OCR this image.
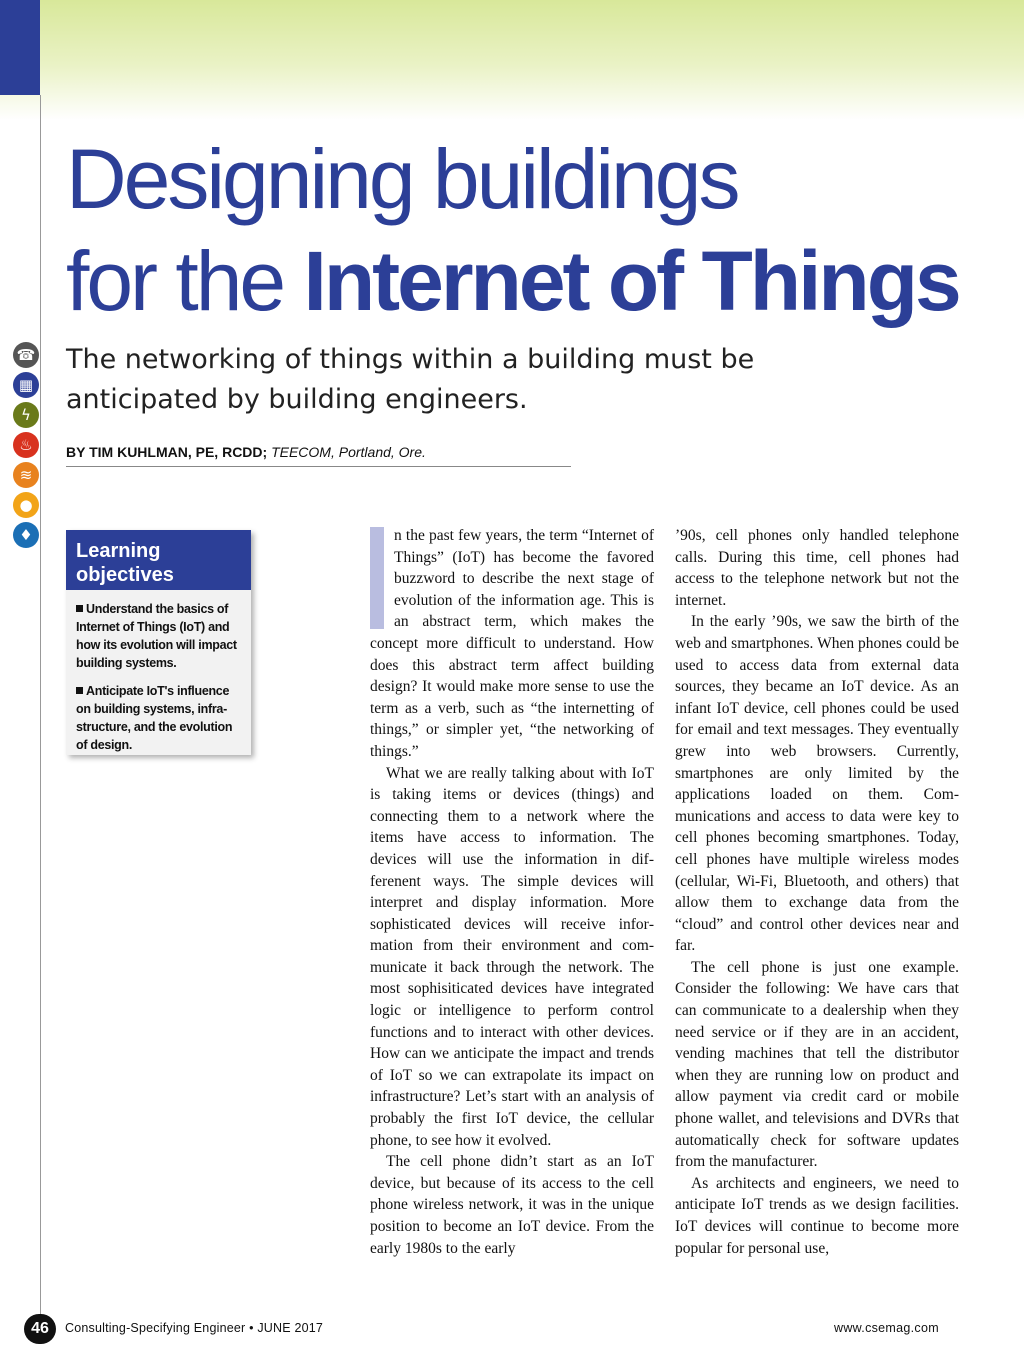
Designing buildings
for the Internet of Things
☎
▦
ϟ
♨
≋
●
♦
The networking of things within a building must be anticipated by building engineers.
BY TIM KUHLMAN, PE, RCDD; TEECOM, Portland, Ore.
Learning
objectives
Understand the basics of Internet of Things (IoT) and how its evolution will impact building systems.
Anticipate IoT's influence on building systems, infrastructure, and the evolution of design.

n the past few years, the term “Internet of Things” (IoT) has become the favored buzzword to describe the next stage of evolution of the information age. This is an abstract term, which makes the concept more difficult to understand. How does this abstract term affect building design? It would make more sense to use the term as a verb, such as “the internetting of things,” or simpler yet, “the networking of things.”

What we are really talking about with IoT is taking items or devices (things) and connecting them to a network where the items have access to information. The devices will use the information in differenent ways. The simple devices will interpret and display information. More sophisticated devices will receive information from their environment and communicate it back through the network. The most sophisiticated devices have integrated logic or intelligence to perform control functions and to interact with other devices. How can we anticipate the impact and trends of IoT so we can extrapolate its impact on infrastructure? Let’s start with an analysis of probably the first IoT device, the cellular phone, to see how it evolved.

The cell phone didn’t start as an IoT device, but because of its access to the cell phone wireless network, it was in the unique position to become an IoT device. From the early 1980s to the early

’90s, cell phones only handled telephone calls. During this time, cell phones had access to the telephone network but not the internet.

In the early ’90s, we saw the birth of the web and smartphones. When phones could be used to access data from external data sources, they became an IoT device. As an infant IoT device, cell phones could be used for email and text messages. They eventually grew into web browsers. Currently, smartphones are only limited by the applications loaded on them. Communications and access to data were key to cell phones becoming smartphones. Today, cell phones have multiple wireless modes (cellular, Wi-Fi, Bluetooth, and others) that allow them to exchange data from the “cloud” and control other devices near and far.

The cell phone is just one example. Consider the following: We have cars that can communicate to a dealership when they need service or if they are in an accident, vending machines that tell the distributor when they are running low on product and allow payment via credit card or mobile phone wallet, and televisions and DVRs that automatically check for software updates from the manufacturer.

As architects and engineers, we need to anticipate IoT trends as we design facilities. IoT devices will continue to become more popular for personal use,

46	Consulting-Specifying Engineer • JUNE 2017	www.csemag.com
